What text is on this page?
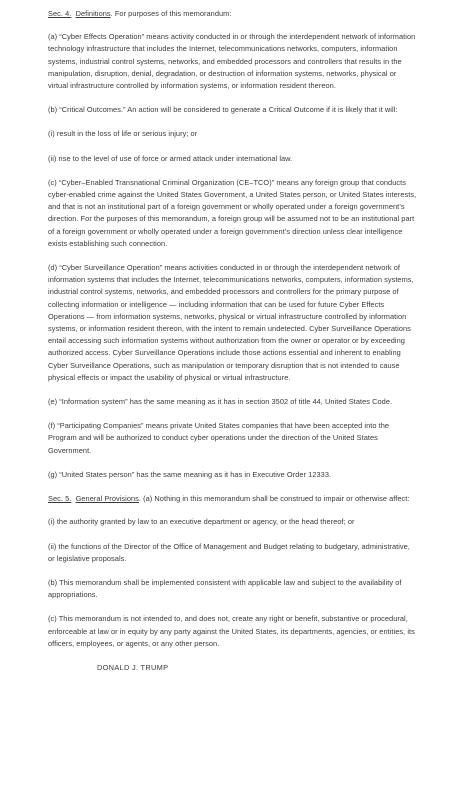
Sec. 4. Definitions. For purposes of this memorandum:

(a) “Cyber Effects Operation” means activity conducted in or through the interdependent network of information technology infrastructure that includes the Internet, telecommunications networks, computers, information systems, industrial control systems, networks, and embedded processors and controllers that results in the manipulation, disruption, denial, degradation, or destruction of information systems, networks, physical or virtual infrastructure controlled by information systems, or information resident thereon.

(b) “Critical Outcomes.” An action will be considered to generate a Critical Outcome if it is likely that it will:

(i) result in the loss of life or serious injury; or

(ii) rise to the level of use of force or armed attack under international law.

(c) “Cyber–Enabled Transnational Criminal Organization (CE–TCO)” means any foreign group that conducts cyber-enabled crime against the United States Government, a United States person, or United States interests, and that is not an institutional part of a foreign government or wholly operated under a foreign government’s direction. For the purposes of this memorandum, a foreign group will be assumed not to be an institutional part of a foreign government or wholly operated under a foreign government’s direction unless clear intelligence exists establishing such connection.

(d) “Cyber Surveillance Operation” means activities conducted in or through the interdependent network of information systems that includes the Internet, telecommunications networks, computers, information systems, industrial control systems, networks, and embedded processors and controllers for the primary purpose of collecting information or intelligence — including information that can be used for future Cyber Effects Operations — from information systems, networks, physical or virtual infrastructure controlled by information systems, or information resident thereon, with the intent to remain undetected. Cyber Surveillance Operations entail accessing such information systems without authorization from the owner or operator or by exceeding authorized access. Cyber Surveillance Operations include those actions essential and inherent to enabling Cyber Surveillance Operations, such as manipulation or temporary disruption that is not intended to cause physical effects or impact the usability of physical or virtual infrastructure.

(e) “Information system” has the same meaning as it has in section 3502 of title 44, United States Code.

(f) “Participating Companies” means private United States companies that have been accepted into the Program and will be authorized to conduct cyber operations under the direction of the United States Government.

(g) “United States person” has the same meaning as it has in Executive Order 12333.

Sec. 5. General Provisions. (a) Nothing in this memorandum shall be construed to impair or otherwise affect:

(i) the authority granted by law to an executive department or agency, or the head thereof; or

(ii) the functions of the Director of the Office of Management and Budget relating to budgetary, administrative, or legislative proposals.

(b) This memorandum shall be implemented consistent with applicable law and subject to the availability of appropriations.

(c) This memorandum is not intended to, and does not, create any right or benefit, substantive or procedural, enforceable at law or in equity by any party against the United States, its departments, agencies, or entities, its officers, employees, or agents, or any other person.

DONALD J. TRUMP
